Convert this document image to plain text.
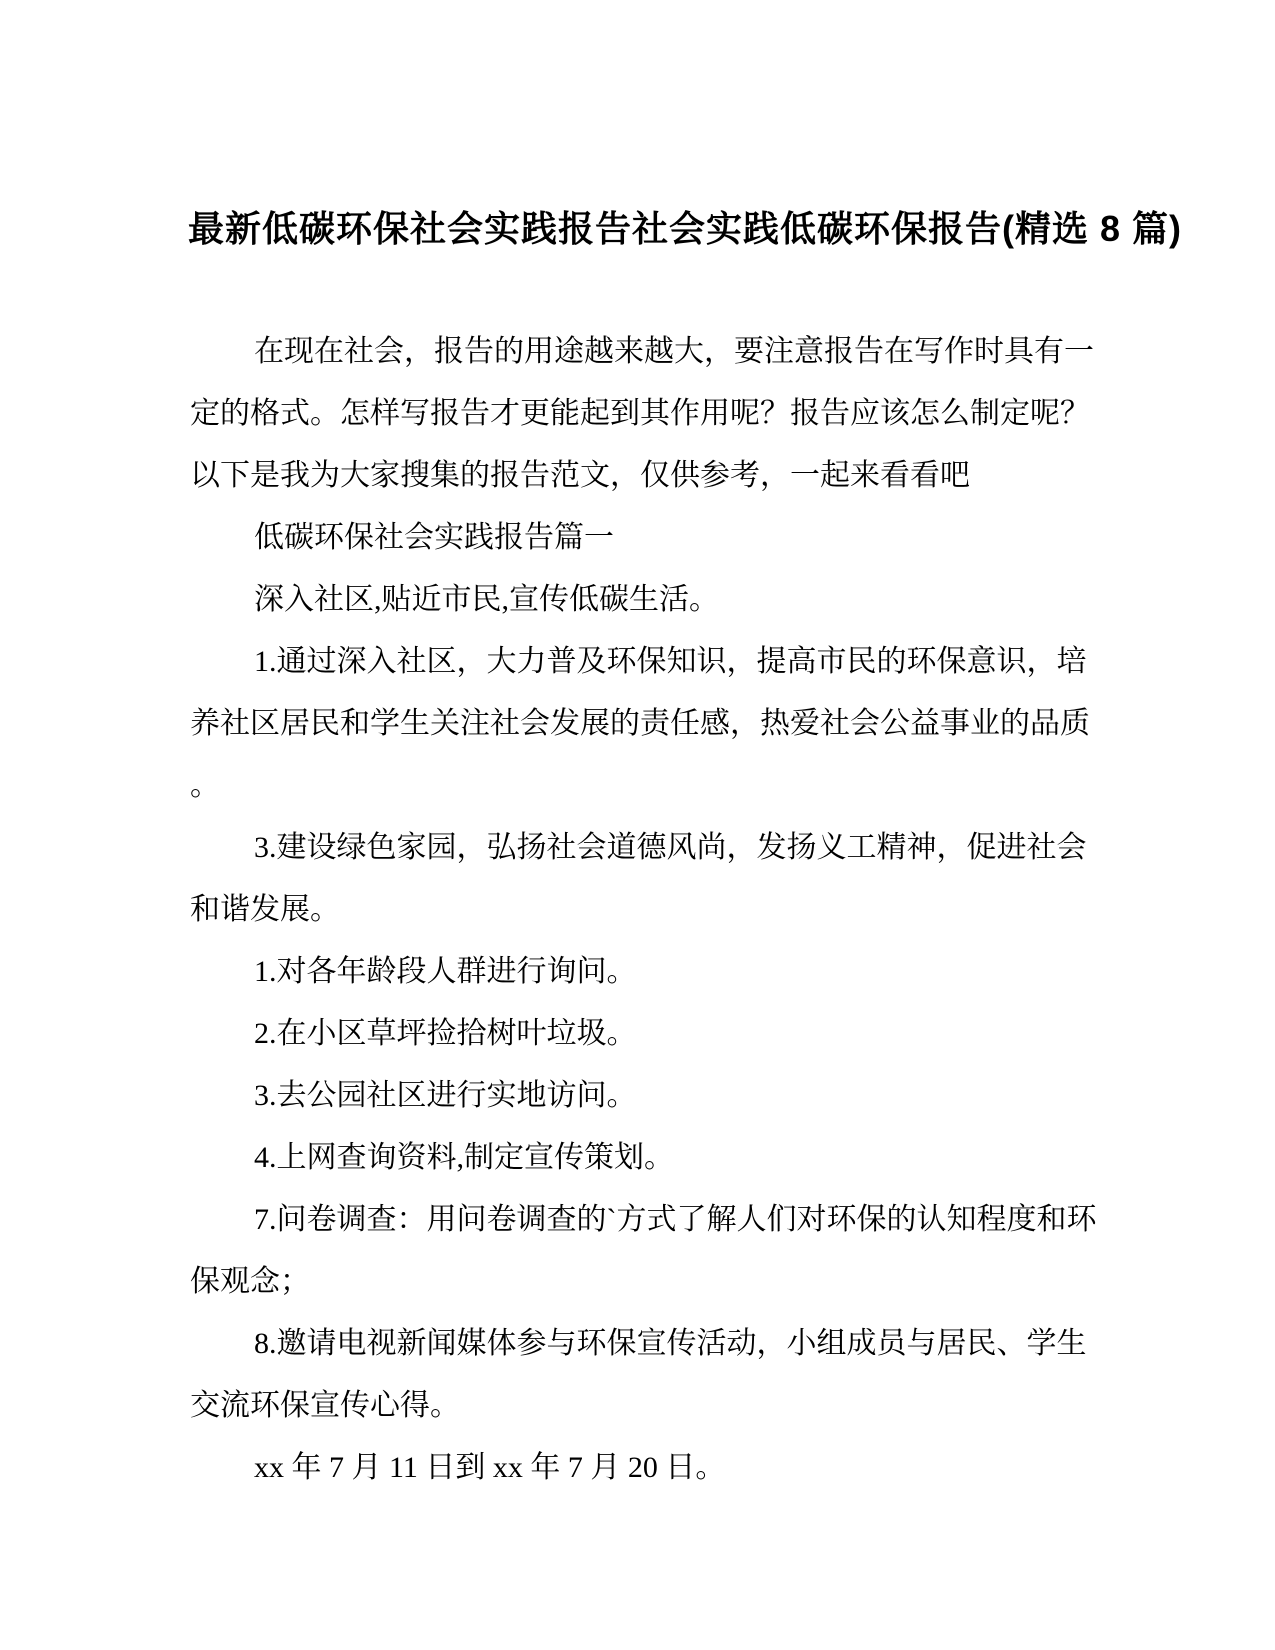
最新低碳环保社会实践报告社会实践低碳环保报告(精选 8 篇)
在现在社会，报告的用途越来越大，要注意报告在写作时具有一
定的格式。怎样写报告才更能起到其作用呢？报告应该怎么制定呢？
以下是我为大家搜集的报告范文，仅供参考，一起来看看吧
低碳环保社会实践报告篇一
深入社区,贴近市民,宣传低碳生活。
1.通过深入社区，大力普及环保知识，提高市民的环保意识，培
养社区居民和学生关注社会发展的责任感，热爱社会公益事业的品质
。
3.建设绿色家园，弘扬社会道德风尚，发扬义工精神，促进社会
和谐发展。
1.对各年龄段人群进行询问。
2.在小区草坪捡拾树叶垃圾。
3.去公园社区进行实地访问。
4.上网查询资料,制定宣传策划。
7.问卷调查：用问卷调查的`方式了解人们对环保的认知程度和环
保观念；
8.邀请电视新闻媒体参与环保宣传活动，小组成员与居民、学生
交流环保宣传心得。
xx 年 7 月 11 日到 xx 年 7 月 20 日。
